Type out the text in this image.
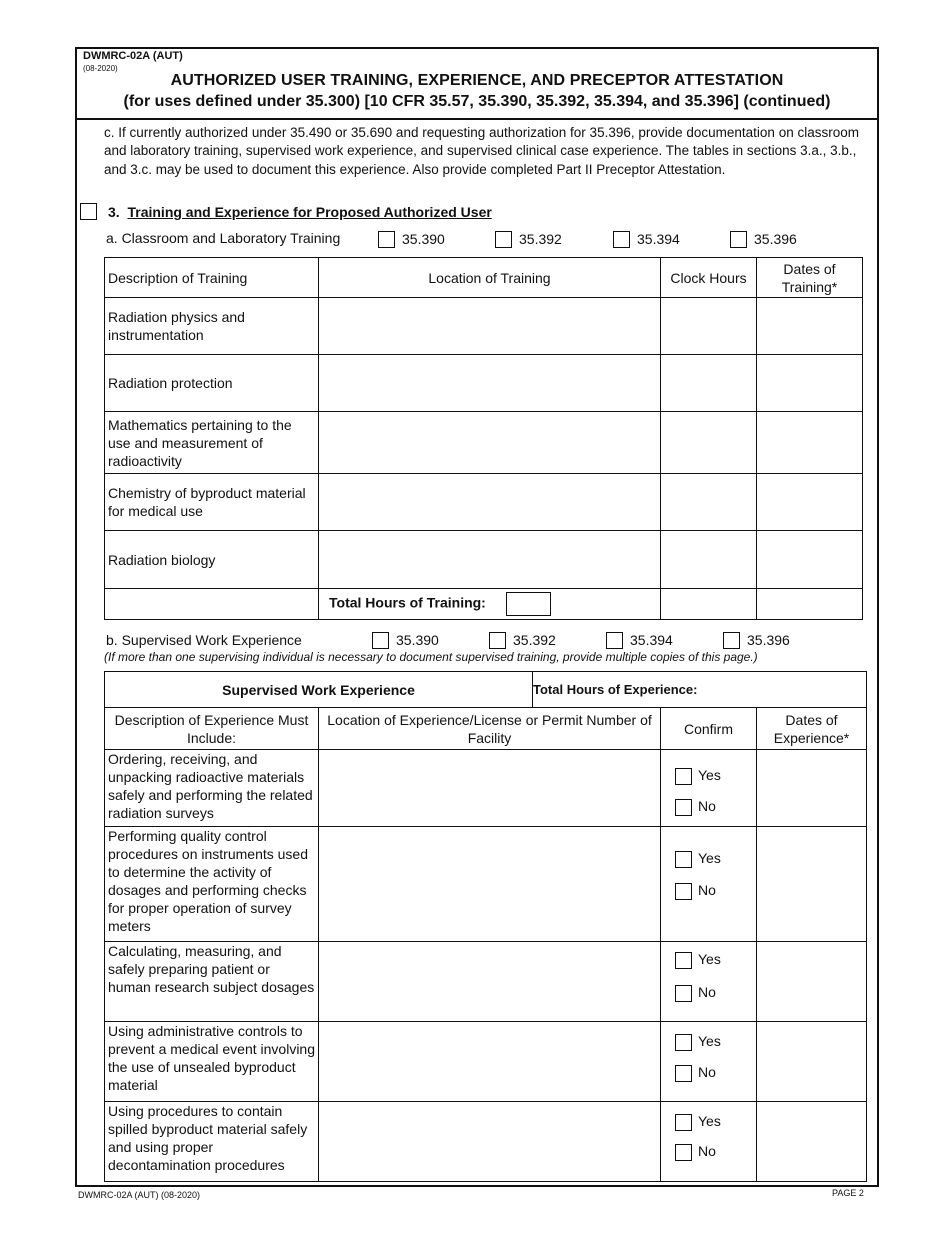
DWMRC-02A (AUT)
(08-2020)
AUTHORIZED USER TRAINING, EXPERIENCE, AND PRECEPTOR ATTESTATION
(for uses defined under 35.300) [10 CFR 35.57, 35.390, 35.392, 35.394, and 35.396] (continued)
c. If currently authorized under 35.490 or 35.690 and requesting authorization for 35.396, provide documentation on classroom and laboratory training, supervised work experience, and supervised clinical case experience. The tables in sections 3.a., 3.b., and 3.c. may be used to document this experience. Also provide completed Part II Preceptor Attestation.
3. Training and Experience for Proposed Authorized User
a. Classroom and Laboratory Training	35.390	35.392	35.394	35.396
Description of Training	Location of Training	Clock Hours	Dates of Training*
Radiation physics and instrumentation			
Radiation protection			
Mathematics pertaining to the use and measurement of radioactivity			
Chemistry of byproduct material for medical use			
Radiation biology			
	Total Hours of Training:		
b. Supervised Work Experience	35.390	35.392	35.394	35.396
(If more than one supervising individual is necessary to document supervised training, provide multiple copies of this page.)
Supervised Work Experience		Total Hours of Experience:		
Description of Experience Must Include:	Location of Experience/License or Permit Number of Facility		Confirm	Dates of Experience*
Ordering, receiving, and unpacking radioactive materials safely and performing the related radiation surveys			Yes
No	

Performing quality control procedures on instruments used to determine the activity of dosages and performing checks for proper operation of survey meters			Yes
No	

Calculating, measuring, and safely preparing patient or human research subject dosages			Yes
No	

Using administrative controls to prevent a medical event involving the use of unsealed byproduct material			Yes
No	

Using procedures to contain spilled byproduct material safely and using proper decontamination procedures			Yes
No	

DWMRC-02A (AUT) (08-2020)	PAGE 2
